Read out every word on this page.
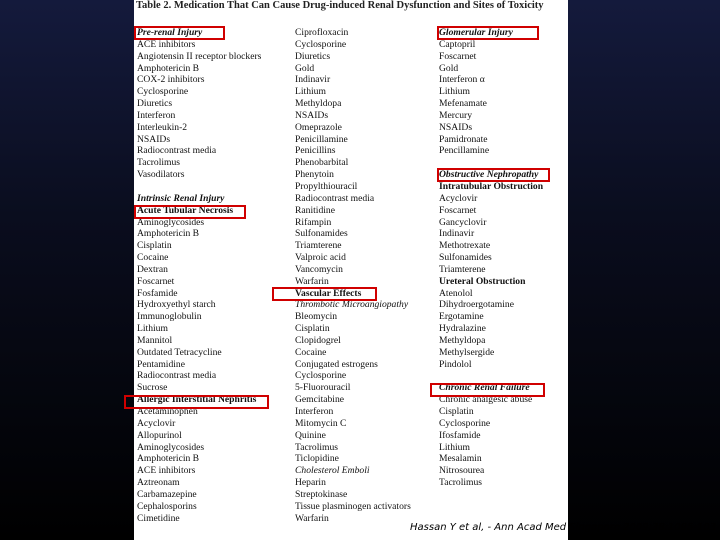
Table 2. Medication That Can Cause Drug-induced Renal Dysfunction and Sites of Toxicity
Pre-renal Injury
ACE inhibitors
Angiotensin II receptor blockers
Amphotericin B
COX-2 inhibitors
Cyclosporine
Diuretics
Interferon
Interleukin-2
NSAIDs
Radiocontrast media
Tacrolimus
Vasodilators
Intrinsic Renal Injury
Acute Tubular Necrosis
Aminoglycosides
Amphotericin B
Cisplatin
Cocaine
Dextran
Foscarnet
Fosfamide
Hydroxyethyl starch
Immunoglobulin
Lithium
Mannitol
Outdated Tetracycline
Pentamidine
Radiocontrast media
Sucrose
Allergic Interstitial Nephritis
Acetaminophen
Acyclovir
Allopurinol
Aminoglycosides
Amphotericin B
ACE inhibitors
Aztreonam
Carbamazepine
Cephalosporins
Cimetidine
Ciprofloxacin
Cyclosporine
Diuretics
Gold
Indinavir
Lithium
Methyldopa
NSAIDs
Omeprazole
Penicillamine
Penicillins
Phenobarbital
Phenytoin
Propylthiouracil
Radiocontrast media
Ranitidine
Rifampin
Sulfonamides
Triamterene
Valproic acid
Vancomycin
Warfarin
Vascular Effects
Thrombotic Microangiopathy
Bleomycin
Cisplatin
Clopidogrel
Cocaine
Conjugated estrogens
Cyclosporine
5-Fluorouracil
Gemcitabine
Interferon
Mitomycin C
Quinine
Tacrolimus
Ticlopidine
Cholesterol Emboli
Heparin
Streptokinase
Tissue plasminogen activators
Warfarin
Glomerular Injury
Captopril
Foscarnet
Gold
Interferon α
Lithium
Mefenamate
Mercury
NSAIDs
Pamidronate
Pencillamine
Obstructive Nephropathy
Intratubular Obstruction
Acyclovir
Foscarnet
Gancyclovir
Indinavir
Methotrexate
Sulfonamides
Triamterene
Ureteral Obstruction
Atenolol
Dihydroergotamine
Ergotamine
Hydralazine
Methyldopa
Methylsergide
Pindolol
Chronic Renal Failure
Chronic analgesic abuse
Cisplatin
Cyclosporine
Ifosfamide
Lithium
Mesalamin
Nitrosourea
Tacrolimus
Hassan Y et al, - Ann Acad Med Singapore 2009;38:1095-103
